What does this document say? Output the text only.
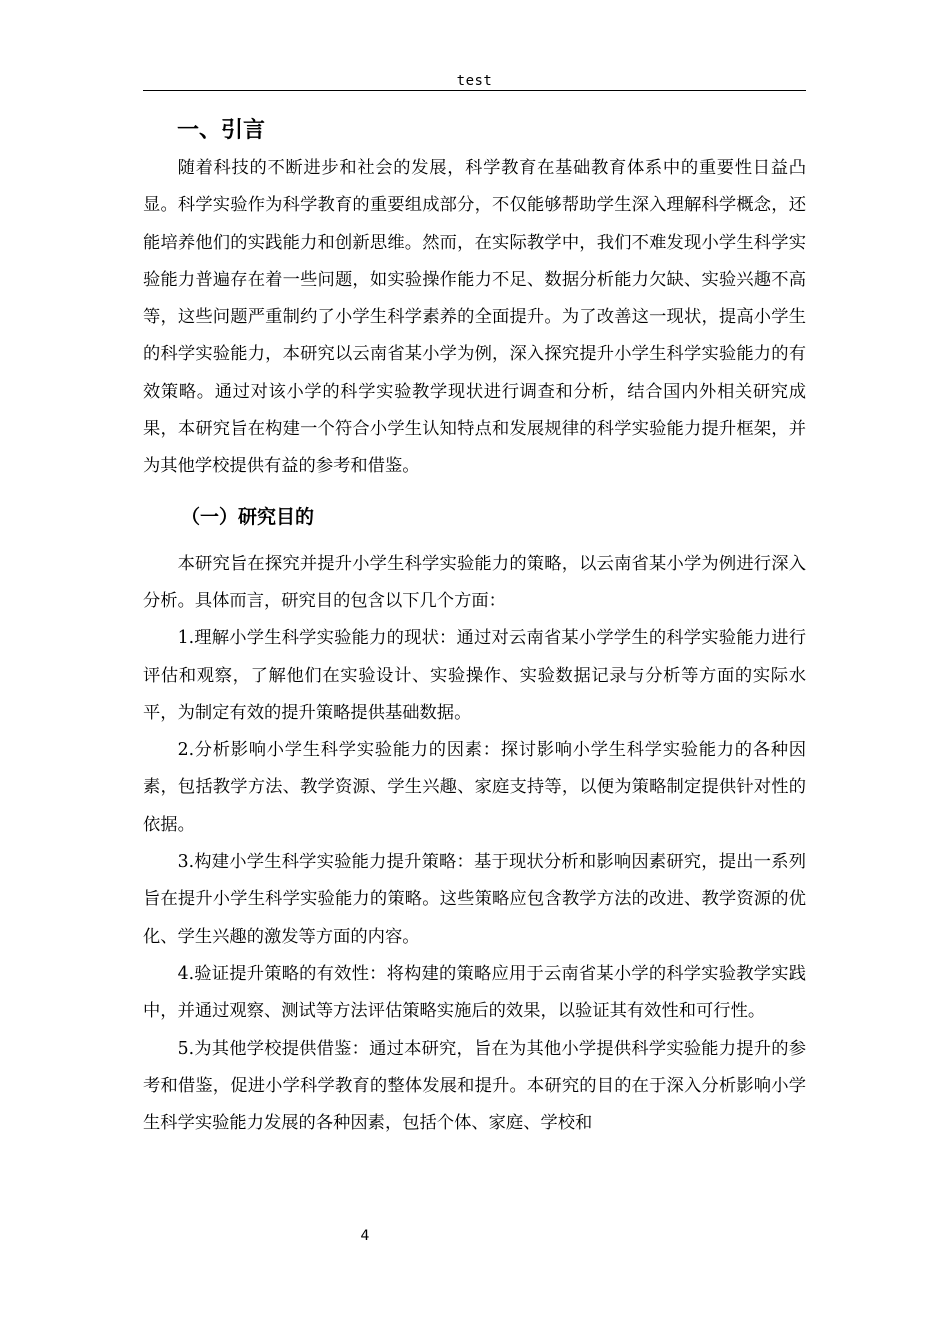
test
一、引言

随着科技的不断进步和社会的发展，科学教育在基础教育体系中的重要性日益凸显。科学实验作为科学教育的重要组成部分，不仅能够帮助学生深入理解科学概念，还能培养他们的实践能力和创新思维。然而，在实际教学中，我们不难发现小学生科学实验能力普遍存在着一些问题，如实验操作能力不足、数据分析能力欠缺、实验兴趣不高等，这些问题严重制约了小学生科学素养的全面提升。为了改善这一现状，提高小学生的科学实验能力，本研究以云南省某小学为例，深入探究提升小学生科学实验能力的有效策略。通过对该小学的科学实验教学现状进行调查和分析，结合国内外相关研究成果，本研究旨在构建一个符合小学生认知特点和发展规律的科学实验能力提升框架，并为其他学校提供有益的参考和借鉴。

（一）研究目的

本研究旨在探究并提升小学生科学实验能力的策略，以云南省某小学为例进行深入分析。具体而言，研究目的包含以下几个方面：

1.理解小学生科学实验能力的现状：通过对云南省某小学学生的科学实验能力进行评估和观察，了解他们在实验设计、实验操作、实验数据记录与分析等方面的实际水平，为制定有效的提升策略提供基础数据。

2.分析影响小学生科学实验能力的因素：探讨影响小学生科学实验能力的各种因素，包括教学方法、教学资源、学生兴趣、家庭支持等，以便为策略制定提供针对性的依据。

3.构建小学生科学实验能力提升策略：基于现状分析和影响因素研究，提出一系列旨在提升小学生科学实验能力的策略。这些策略应包含教学方法的改进、教学资源的优化、学生兴趣的激发等方面的内容。

4.验证提升策略的有效性：将构建的策略应用于云南省某小学的科学实验教学实践中，并通过观察、测试等方法评估策略实施后的效果，以验证其有效性和可行性。

5.为其他学校提供借鉴：通过本研究，旨在为其他小学提供科学实验能力提升的参考和借鉴，促进小学科学教育的整体发展和提升。本研究的目的在于深入分析影响小学生科学实验能力发展的各种因素，包括个体、家庭、学校和

4
